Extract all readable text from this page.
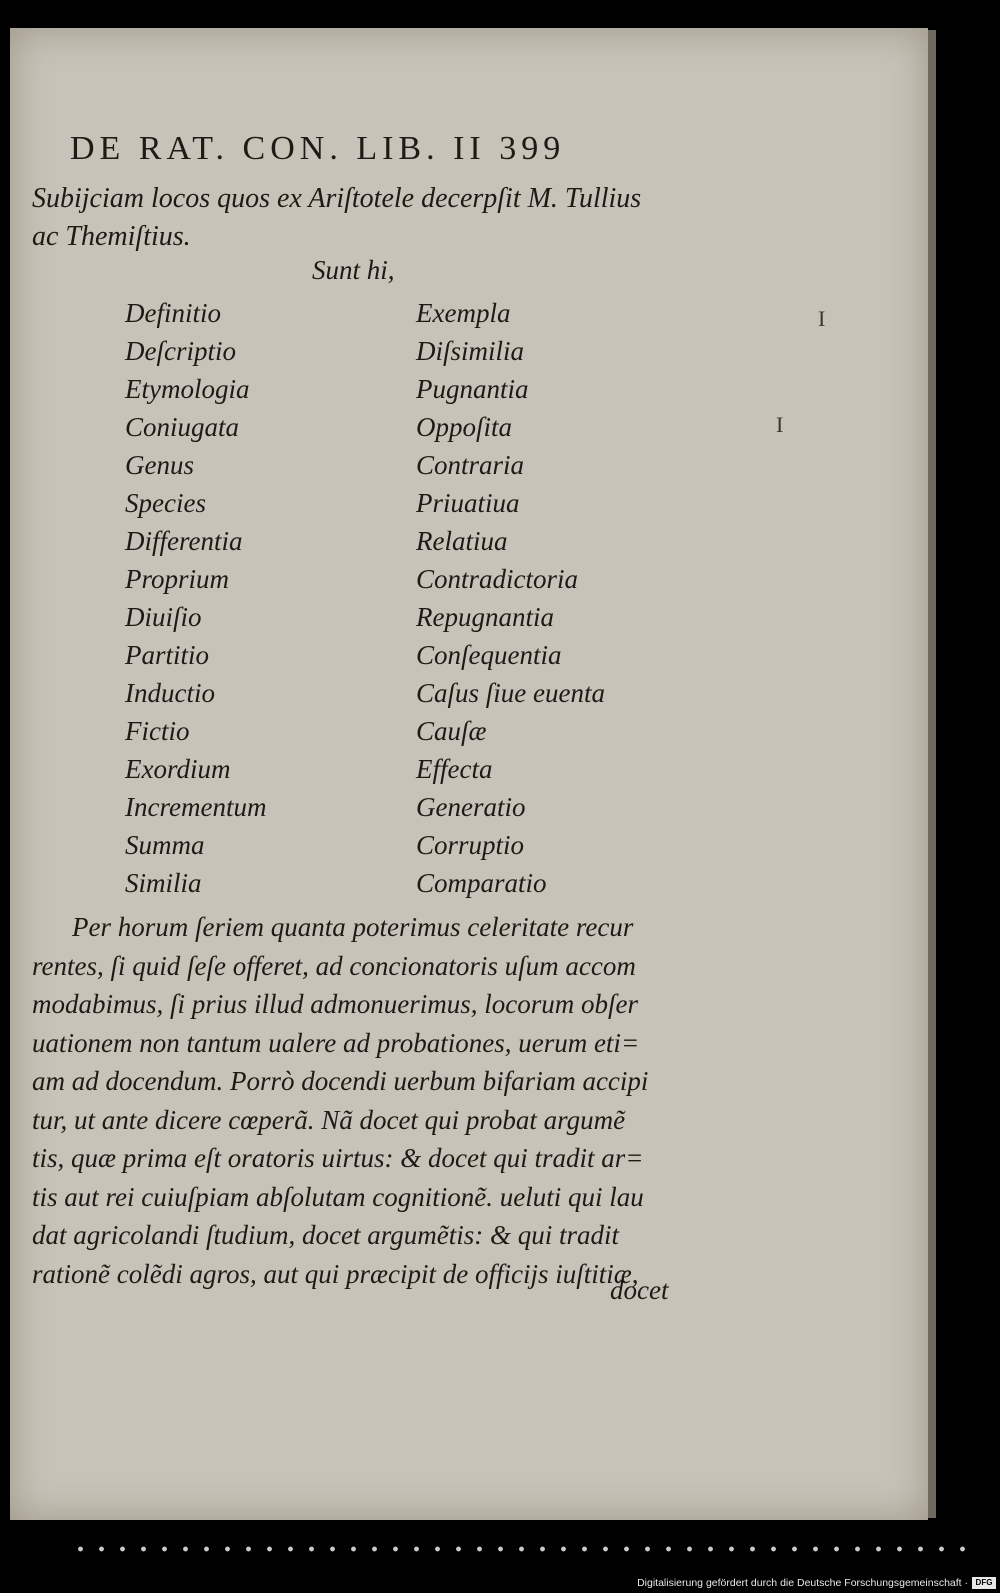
DE RAT. CON. LIB. II 399
Subijciam locos quos ex Ariſtotele decerpſit M. Tullius
ac Themiſtius.
Sunt hi,
Definitio
Deſcriptio
Etymologia
Coniugata
Genus
Species
Differentia
Proprium
Diuiſio
Partitio
Inductio
Fictio
Exordium
Incrementum
Summa
Similia
Exempla
Diſsimilia
Pugnantia
Oppoſita
Contraria
Priuatiua
Relatiua
Contradictoria
Repugnantia
Conſequentia
Caſus ſiue euenta
Cauſæ
Effecta
Generatio
Corruptio
Comparatio
Per horum ſeriem quanta poterimus celeritate recur
rentes, ſi quid ſeſe offeret, ad concionatoris uſum accom
modabimus, ſi prius illud admonuerimus, locorum obſer
uationem non tantum ualere ad probationes, uerum eti=
am ad docendum. Porrò docendi uerbum bifariam accipi
tur, ut ante dicere cœperã. Nã docet qui probat argumẽ
tis, quæ prima eſt oratoris uirtus: & docet qui tradit ar=
tis aut rei cuiuſpiam abſolutam cognitionẽ. ueluti qui lau
dat agricolandi ſtudium, docet argumẽtis: & qui tradit
rationẽ colẽdi agros, aut qui præcipit de officijs iuſtitiæ,
docet
I
I
Digitalisierung gefördert durch die Deutsche Forschungsgemeinschaft · DFG
